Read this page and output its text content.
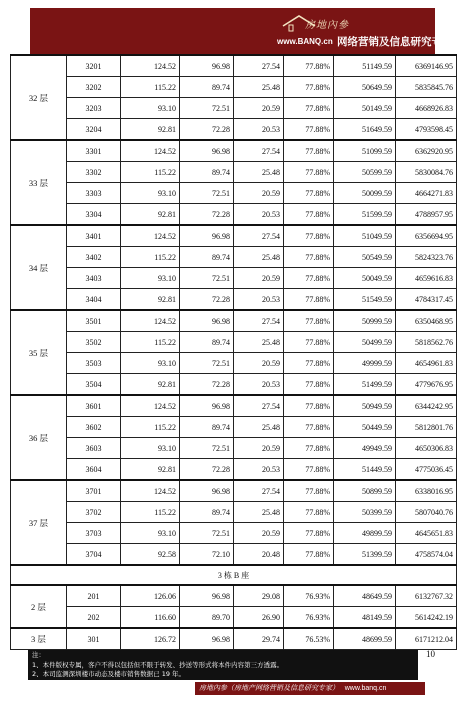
房地內參
www.BANQ.cn 网络营销及信息研究专家
32 层	3201	124.52	96.98	27.54	77.88%	51149.59	6369146.95
	3202	115.22	89.74	25.48	77.88%	50649.59	5835845.76
	3203	93.10	72.51	20.59	77.88%	50149.59	4668926.83
	3204	92.81	72.28	20.53	77.88%	51649.59	4793598.45
33 层	3301	124.52	96.98	27.54	77.88%	51099.59	6362920.95
	3302	115.22	89.74	25.48	77.88%	50599.59	5830084.76
	3303	93.10	72.51	20.59	77.88%	50099.59	4664271.83
	3304	92.81	72.28	20.53	77.88%	51599.59	4788957.95
34 层	3401	124.52	96.98	27.54	77.88%	51049.59	6356694.95
	3402	115.22	89.74	25.48	77.88%	50549.59	5824323.76
	3403	93.10	72.51	20.59	77.88%	50049.59	4659616.83
	3404	92.81	72.28	20.53	77.88%	51549.59	4784317.45
35 层	3501	124.52	96.98	27.54	77.88%	50999.59	6350468.95
	3502	115.22	89.74	25.48	77.88%	50499.59	5818562.76
	3503	93.10	72.51	20.59	77.88%	49999.59	4654961.83
	3504	92.81	72.28	20.53	77.88%	51499.59	4779676.95
36 层	3601	124.52	96.98	27.54	77.88%	50949.59	6344242.95
	3602	115.22	89.74	25.48	77.88%	50449.59	5812801.76
	3603	93.10	72.51	20.59	77.88%	49949.59	4650306.83
	3604	92.81	72.28	20.53	77.88%	51449.59	4775036.45
37 层	3701	124.52	96.98	27.54	77.88%	50899.59	6338016.95
	3702	115.22	89.74	25.48	77.88%	50399.59	5807040.76
	3703	93.10	72.51	20.59	77.88%	49899.59	4645651.83
	3704	92.58	72.10	20.48	77.88%	51399.59	4758574.04
3 栋 B 座							
2 层	201	126.06	96.98	29.08	76.93%	48649.59	6132767.32
	202	116.60	89.70	26.90	76.93%	48149.59	5614242.19
3 层	301	126.72	96.98	29.74	76.53%	48699.59	6171212.04
10
注：
1、本件版权专属，客户不得以包括但不限于转发、抄送等形式将本件内容第三方透露。
2、本司监测深圳楼市动态及楼市销售数据已 19 年。
房地內参（房地产网络营销及信息研究专家） www.banq.cn
